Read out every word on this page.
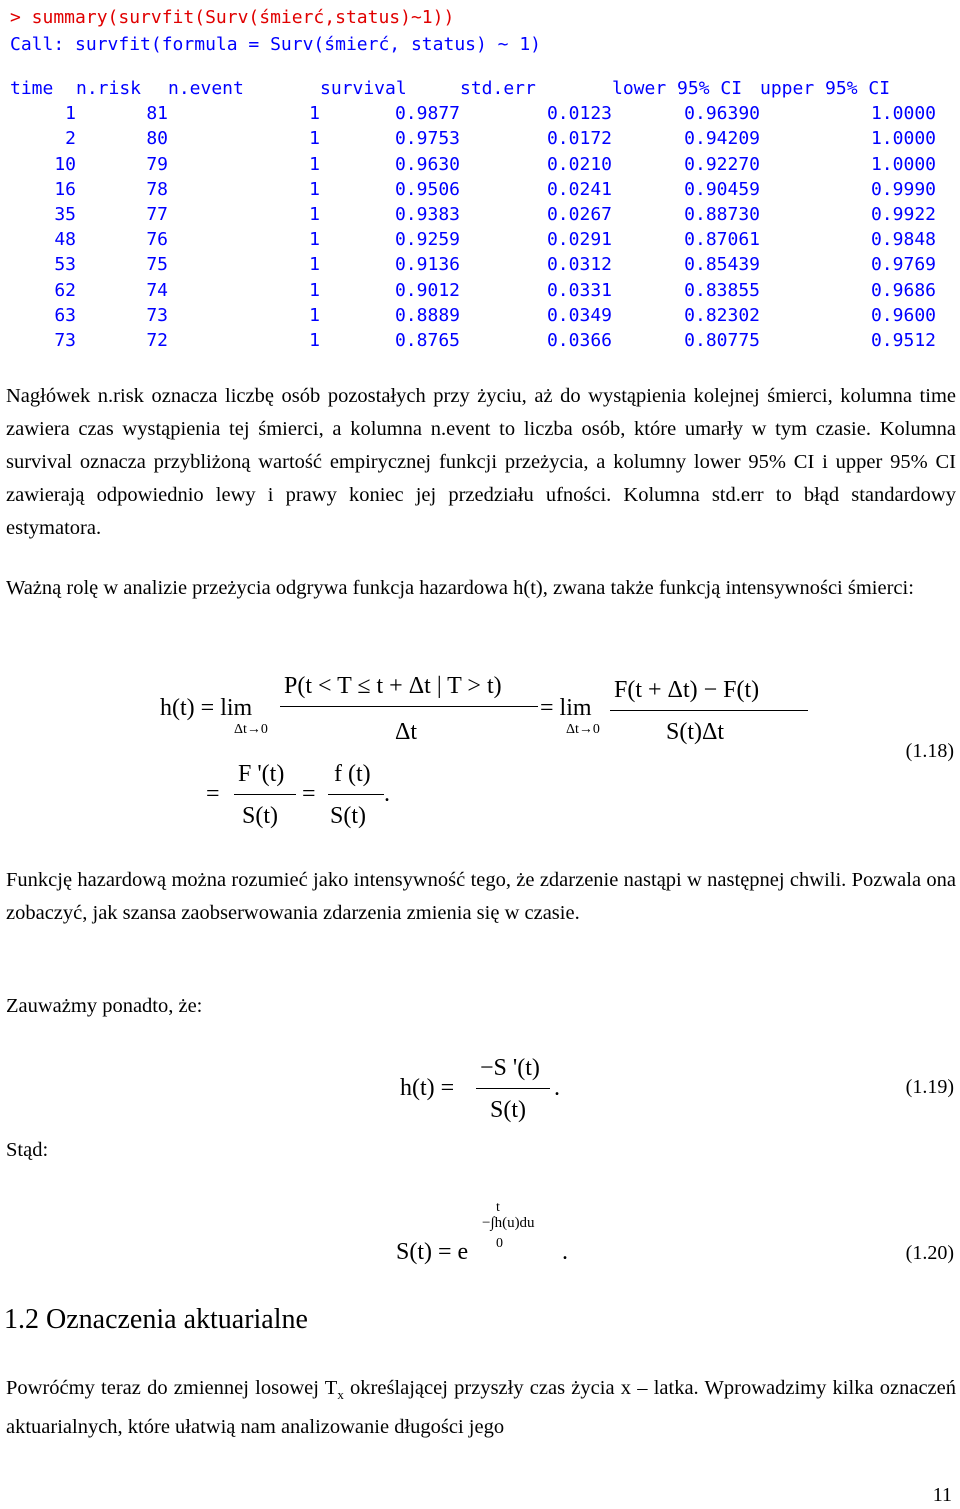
> summary(survfit(Surv(śmierć,status)~1))
Call: survfit(formula = Surv(śmierć, status) ~ 1)
time	n.risk	n.event	survival	std.err	lower 95% CI	upper 95% CI
1	81	1	0.9877	0.0123	0.96390	1.0000
2	80	1	0.9753	0.0172	0.94209	1.0000
10	79	1	0.9630	0.0210	0.92270	1.0000
16	78	1	0.9506	0.0241	0.90459	0.9990
35	77	1	0.9383	0.0267	0.88730	0.9922
48	76	1	0.9259	0.0291	0.87061	0.9848
53	75	1	0.9136	0.0312	0.85439	0.9769
62	74	1	0.9012	0.0331	0.83855	0.9686
63	73	1	0.8889	0.0349	0.82302	0.9600
73	72	1	0.8765	0.0366	0.80775	0.9512
Nagłówek n.risk oznacza liczbę osób pozostałych przy życiu, aż do wystąpienia kolejnej śmierci, kolumna time zawiera czas wystąpienia tej śmierci, a kolumna n.event to liczba osób, które umarły w tym czasie. Kolumna survival oznacza przybliżoną wartość empirycznej funkcji przeżycia, a kolumny lower 95% CI i upper 95% CI zawierają odpowiednio lewy i prawy koniec jej przedziału ufności. Kolumna std.err to błąd standardowy estymatora.
Ważną rolę w analizie przeżycia odgrywa funkcja hazardowa h(t), zwana także funkcją intensywności śmierci:
h(t) = lim
Δt→0
P(t < T ≤ t + Δt | T > t)
Δt
= lim
Δt→0
F(t + Δt) − F(t)
S(t)Δt
=
F '(t)
S(t)
=
f (t)
S(t)
.
(1.18)
Funkcję hazardową można rozumieć jako intensywność tego, że zdarzenie nastąpi w następnej chwili. Pozwala ona zobaczyć, jak szansa zaobserwowania zdarzenia zmienia się w czasie.
Zauważmy ponadto, że:
h(t) =
−S '(t)
S(t)
.	(1.19)
Stąd:
S(t) = e
t
−∫h(u)du
0 .	(1.20)
1.2 Oznaczenia aktuarialne
Powróćmy teraz do zmiennej losowej $T_x$ określającej przyszły czas życia x – latka. Wprowadzimy kilka oznaczeń aktuarialnych, które ułatwią nam analizowanie długości jego
11
